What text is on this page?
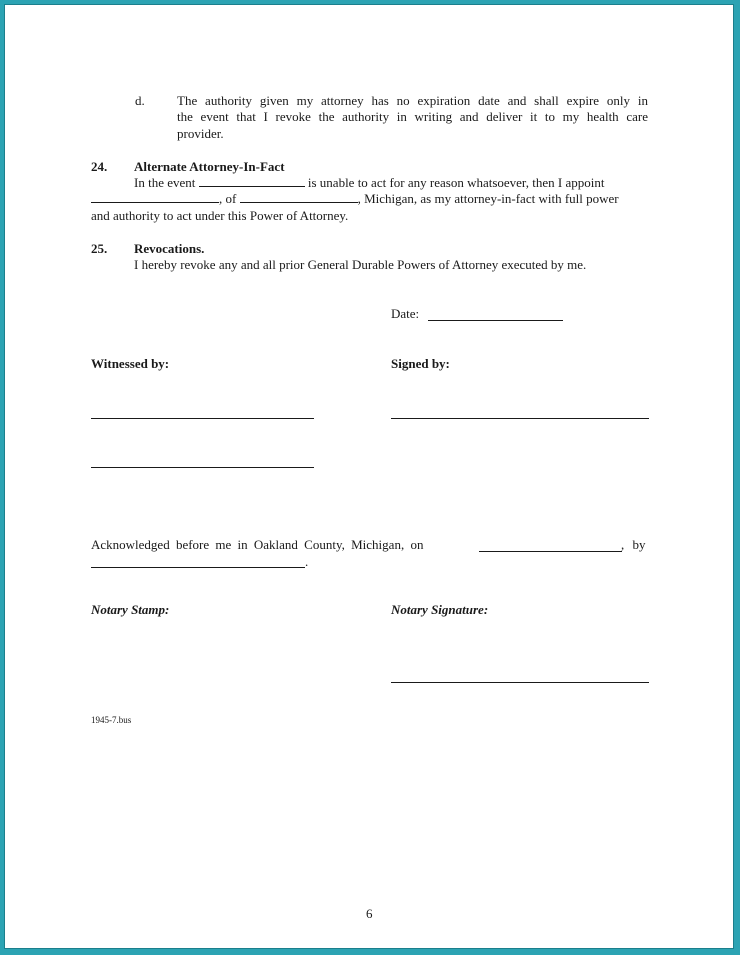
d. The authority given my attorney has no expiration date and shall expire only in
the event that I revoke the authority in writing and deliver it to my health care
provider.
24. Alternate Attorney-In-Fact
In the event	is unable to act for any reason whatsoever, then I appoint
, of	, Michigan, as my attorney-in-fact with full power
and authority to act under this Power of Attorney.
25. Revocations.
I hereby revoke any and all prior General Durable Powers of Attorney executed by me.
Date:
Witnessed by:	Signed by:
Acknowledged before me in Oakland County, Michigan, on	, by
.
Notary Stamp:	Notary Signature:
1945-7.bus
6
